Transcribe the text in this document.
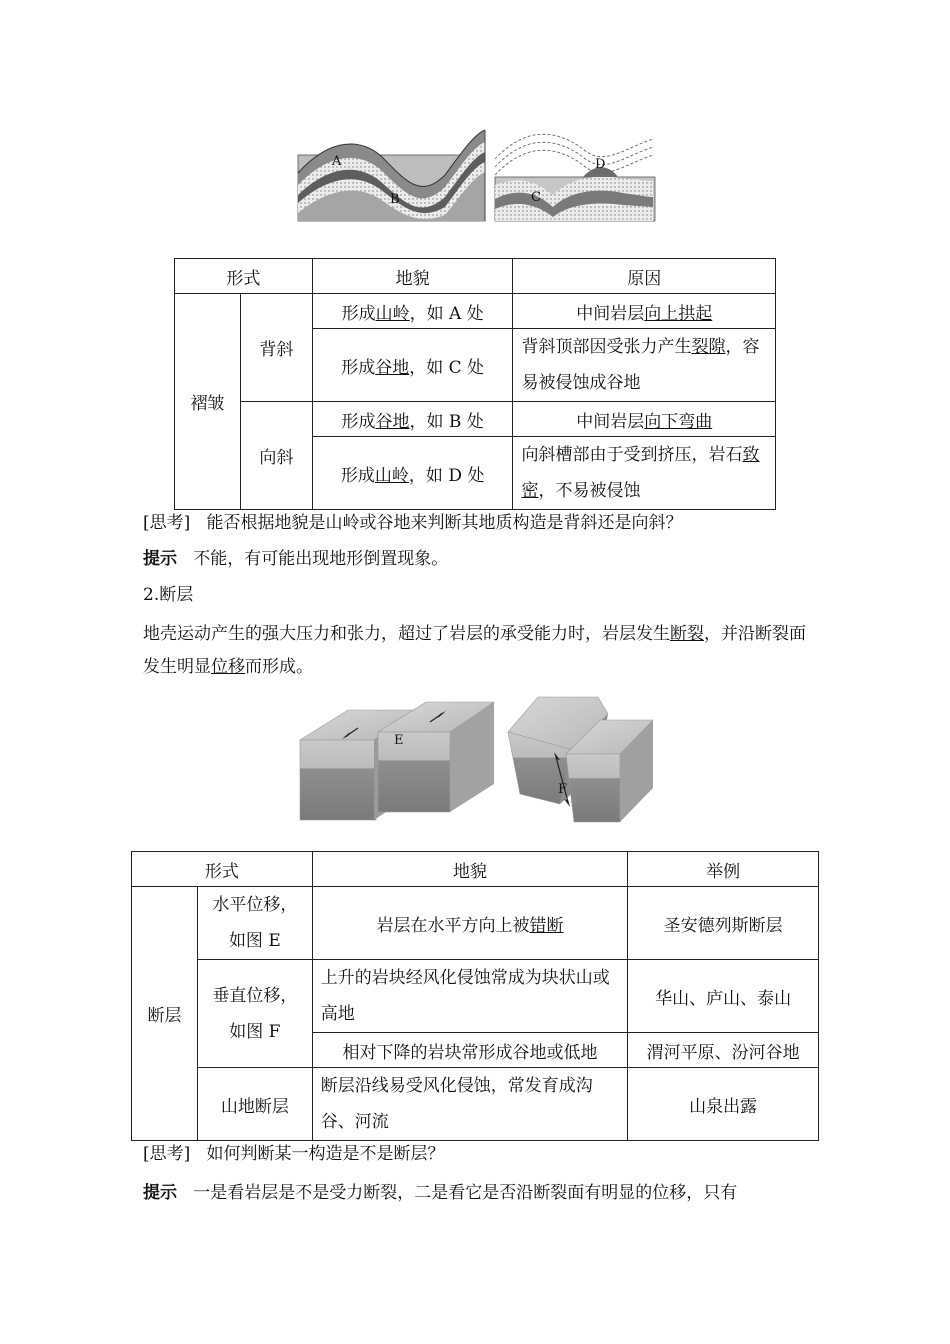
A
B	C
D
形式		地貌	原因
褶皱	背斜	形成山岭，如 A 处	中间岩层向上拱起
		形成谷地，如 C 处	背斜顶部因受张力产生裂隙，容易被侵蚀成谷地
	向斜	形成谷地，如 B 处	中间岩层向下弯曲
		形成山岭，如 D 处	向斜槽部由于受到挤压，岩石致密，不易被侵蚀
[思考] 能否根据地貌是山岭或谷地来判断其地质构造是背斜还是向斜？
提示 不能，有可能出现地形倒置现象。
2.断层
地壳运动产生的强大压力和张力，超过了岩层的承受能力时，岩层发生断裂，并沿断裂面发生明显位移而形成。
E
F
形式		地貌	举例
断层	水平位移，如图 E	岩层在水平方向上被错断	圣安德列斯断层
	垂直位移，如图 F	上升的岩块经风化侵蚀常成为块状山或高地	华山、庐山、泰山
		相对下降的岩块常形成谷地或低地	渭河平原、汾河谷地
	山地断层	断层沿线易受风化侵蚀，常发育成沟谷、河流	山泉出露
[思考] 如何判断某一构造是不是断层？
提示 一是看岩层是不是受力断裂，二是看它是否沿断裂面有明显的位移，只有
